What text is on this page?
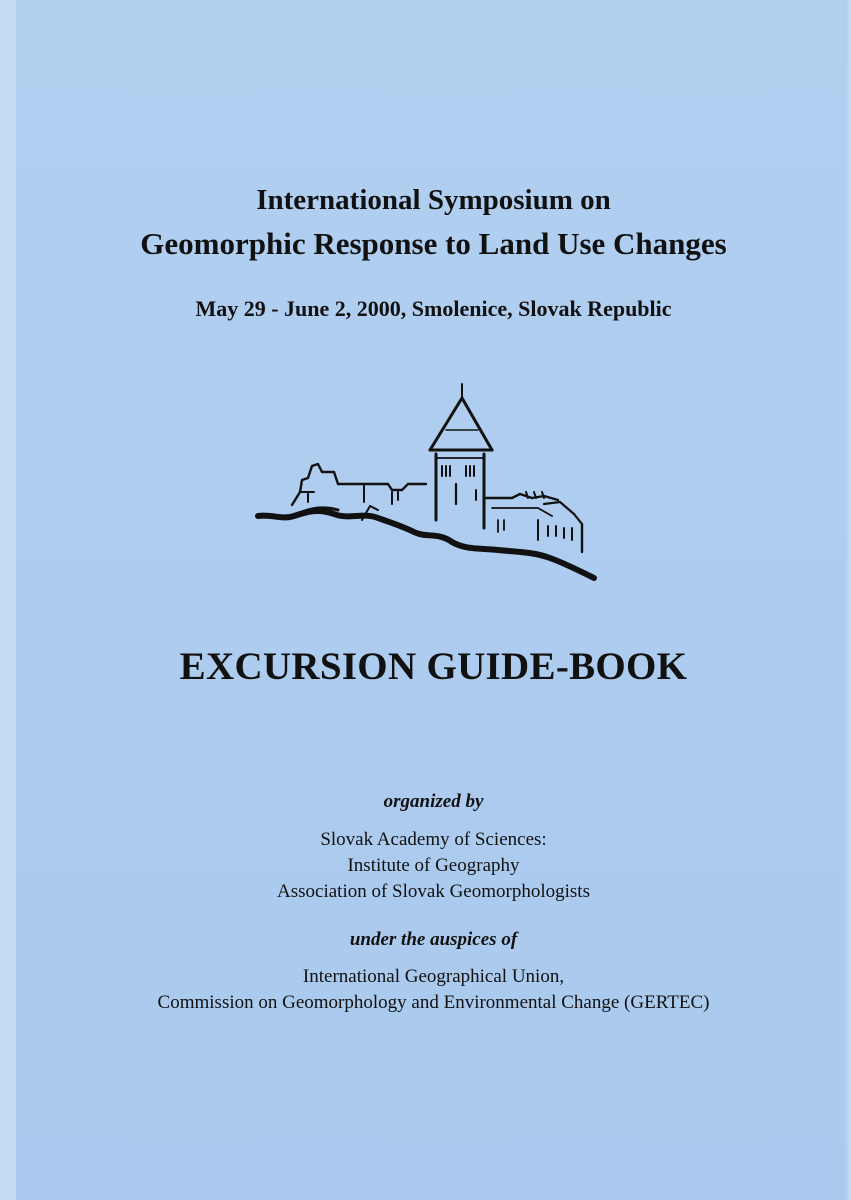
International Symposium on

Geomorphic Response to Land Use Changes

May 29 - June 2, 2000, Smolenice, Slovak Republic

EXCURSION GUIDE-BOOK

organized by

Slovak Academy of Sciences:

Institute of Geography

Association of Slovak Geomorphologists

under the auspices of

International Geographical Union,

Commission on Geomorphology and Environmental Change (GERTEC)
